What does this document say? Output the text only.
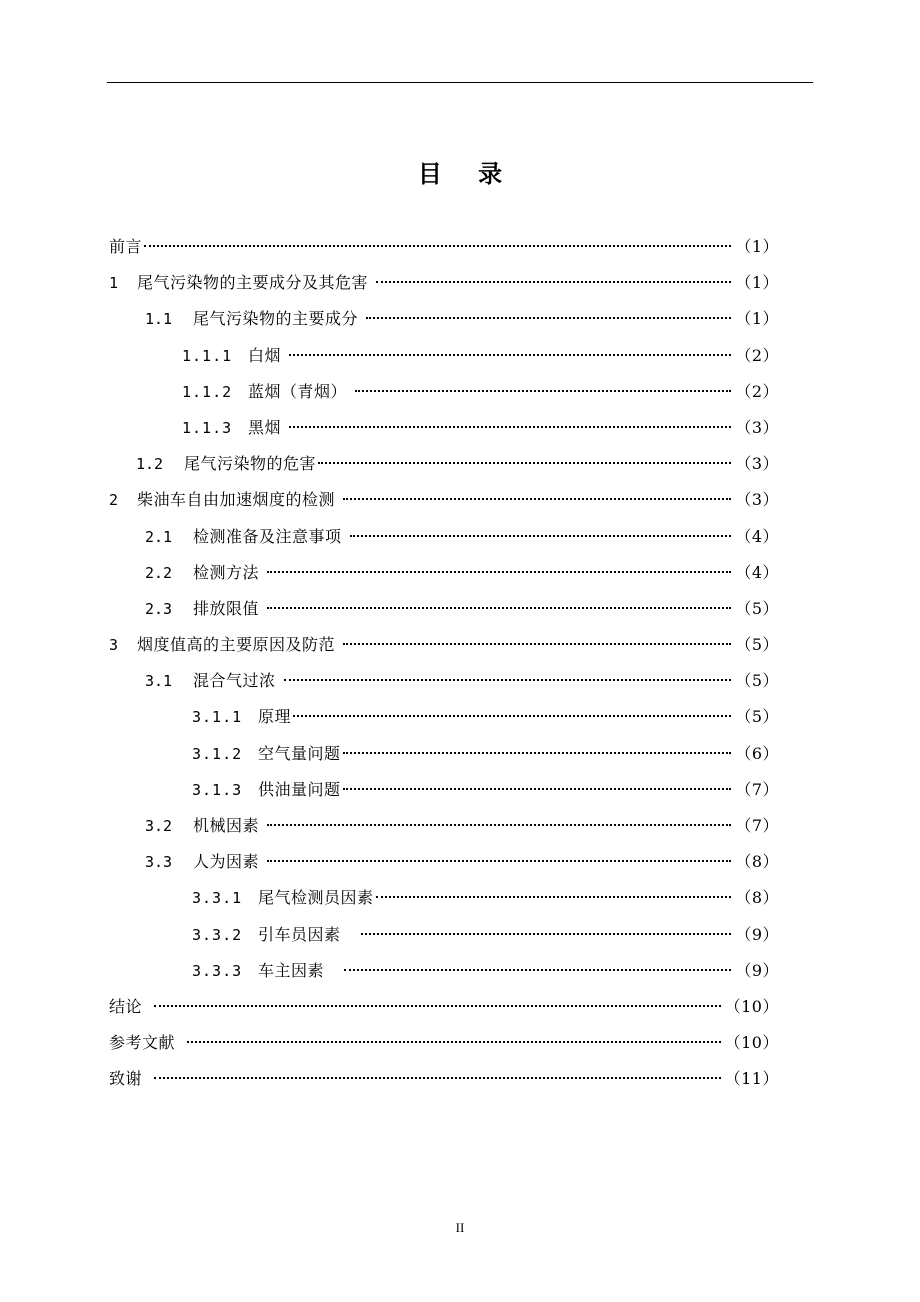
目 录
前言	（1）
1	尾气污染物的主要成分及其危害	（1）
1.1	尾气污染物的主要成分	（1）
1.1.1 白烟	（2）
1.1.2 蓝烟（青烟）	（2）
1.1.3 黑烟	（3）
1.2	尾气污染物的危害	（3）
2	柴油车自由加速烟度的检测	（3）
2.1	检测准备及注意事项	（4）
2.2	检测方法	（4）
2.3	排放限值	（5）
3	烟度值高的主要原因及防范	（5）
3.1	混合气过浓	（5）
3.1.1 原理	（5）
3.1.2 空气量问题	（6）
3.1.3 供油量问题	（7）
3.2	机械因素	（7）
3.3	人为因素	（8）
3.3.1 尾气检测员因素	（8）
3.3.2 引车员因素	（9）
3.3.3 车主因素	（9）
结论	（10）
参考文献	（10）
致谢	（11）
II
